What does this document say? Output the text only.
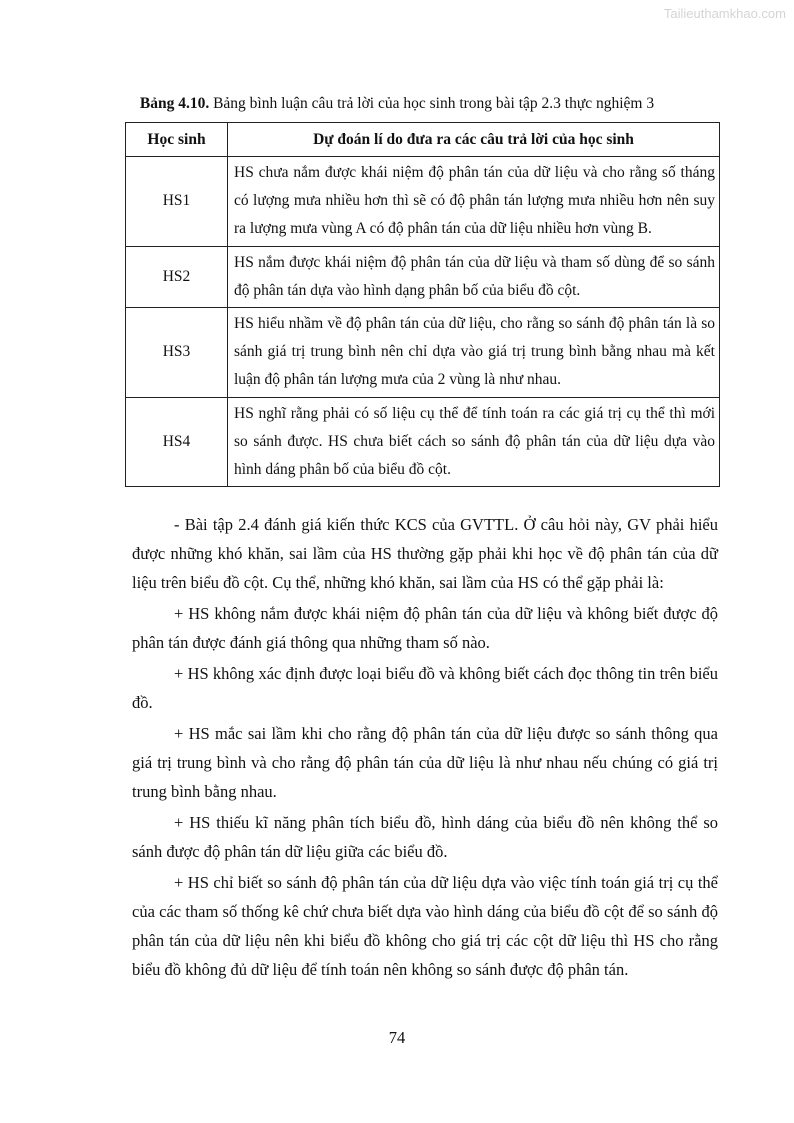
Tailieuthamkhao.com
Bảng 4.10. Bảng bình luận câu trả lời của học sinh trong bài tập 2.3 thực nghiệm 3
Học sinh	Dự đoán lí do đưa ra các câu trả lời của học sinh
HS1	HS chưa nắm được khái niệm độ phân tán của dữ liệu và cho rằng số tháng có lượng mưa nhiều hơn thì sẽ có độ phân tán lượng mưa nhiều hơn nên suy ra lượng mưa vùng A có độ phân tán của dữ liệu nhiều hơn vùng B.
HS2	HS nắm được khái niệm độ phân tán của dữ liệu và tham số dùng để so sánh độ phân tán dựa vào hình dạng phân bố của biểu đồ cột.
HS3	HS hiểu nhầm về độ phân tán của dữ liệu, cho rằng so sánh độ phân tán là so sánh giá trị trung bình nên chỉ dựa vào giá trị trung bình bằng nhau mà kết luận độ phân tán lượng mưa của 2 vùng là như nhau.
HS4	HS nghĩ rằng phải có số liệu cụ thể để tính toán ra các giá trị cụ thể thì mới so sánh được. HS chưa biết cách so sánh độ phân tán của dữ liệu dựa vào hình dáng phân bố của biểu đồ cột.

- Bài tập 2.4 đánh giá kiến thức KCS của GVTTL. Ở câu hỏi này, GV phải hiểu được những khó khăn, sai lầm của HS thường gặp phải khi học về độ phân tán của dữ liệu trên biểu đồ cột. Cụ thể, những khó khăn, sai lầm của HS có thể gặp phải là:

+ HS không nắm được khái niệm độ phân tán của dữ liệu và không biết được độ phân tán được đánh giá thông qua những tham số nào.

+ HS không xác định được loại biểu đồ và không biết cách đọc thông tin trên biểu đồ.

+ HS mắc sai lầm khi cho rằng độ phân tán của dữ liệu được so sánh thông qua giá trị trung bình và cho rằng độ phân tán của dữ liệu là như nhau nếu chúng có giá trị trung bình bằng nhau.

+ HS thiếu kĩ năng phân tích biểu đồ, hình dáng của biểu đồ nên không thể so sánh được độ phân tán dữ liệu giữa các biểu đồ.

+ HS chỉ biết so sánh độ phân tán của dữ liệu dựa vào việc tính toán giá trị cụ thể của các tham số thống kê chứ chưa biết dựa vào hình dáng của biểu đồ cột để so sánh độ phân tán của dữ liệu nên khi biểu đồ không cho giá trị các cột dữ liệu thì HS cho rằng biểu đồ không đủ dữ liệu để tính toán nên không so sánh được độ phân tán.

74
